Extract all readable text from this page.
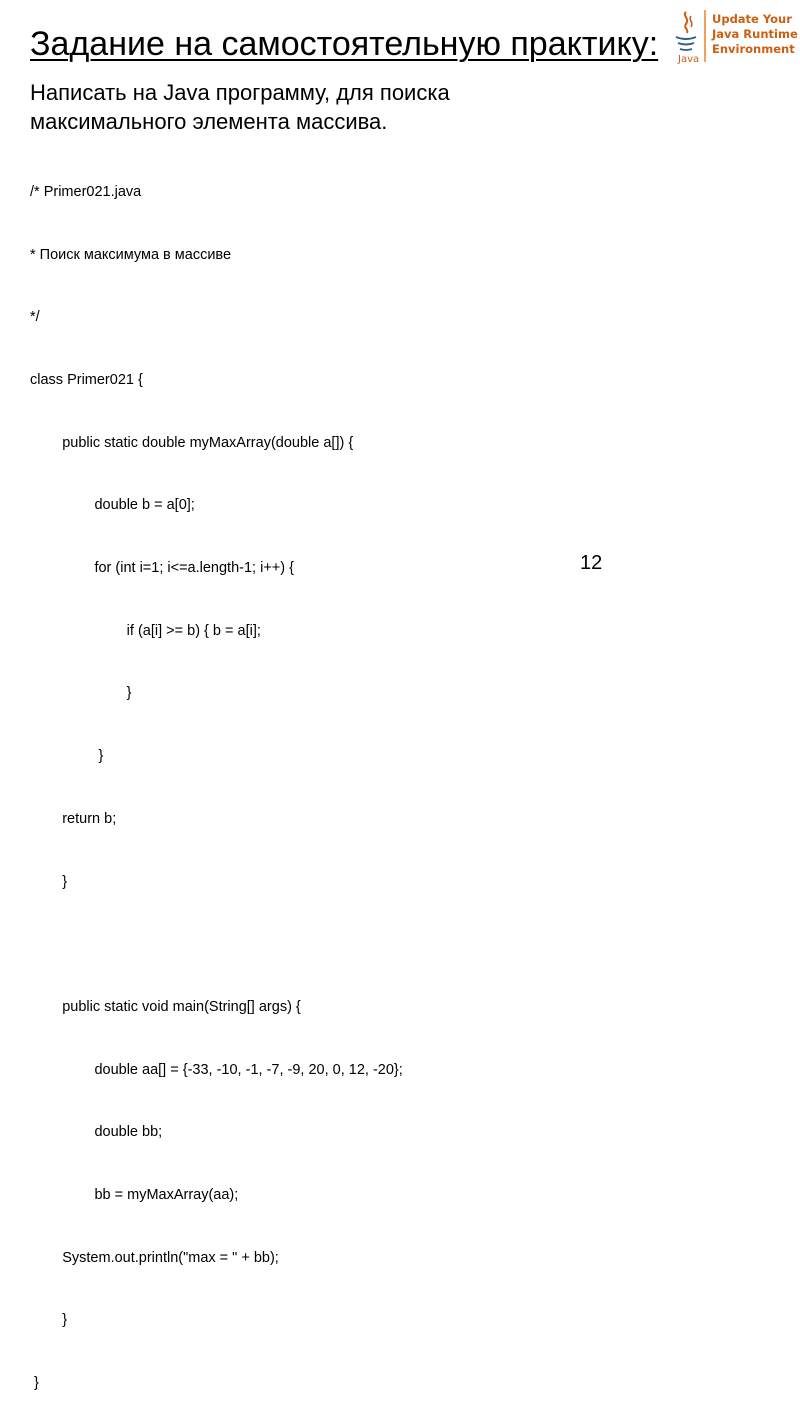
Задание на самостоятельную практику: Java
Update Your
Java Runtime
Environment
Написать на Java программу, для поиска
максимального элемента массива.

/* Primer021.java

* Поиск максимума в массиве

*/

class Primer021 {

public static double myMaxArray(double a[]) {

double b = a[0];

for (int i=1; i<=a.length-1; i++) {

if (a[i] >= b) { b = a[i];

}

}

return b;

}

public static void main(String[] args) {

double aa[] = {-33, -10, -1, -7, -9, 20, 0, 12, -20};

double bb;

bb = myMaxArray(aa);

System.out.println("max = " + bb);

}

}

12
